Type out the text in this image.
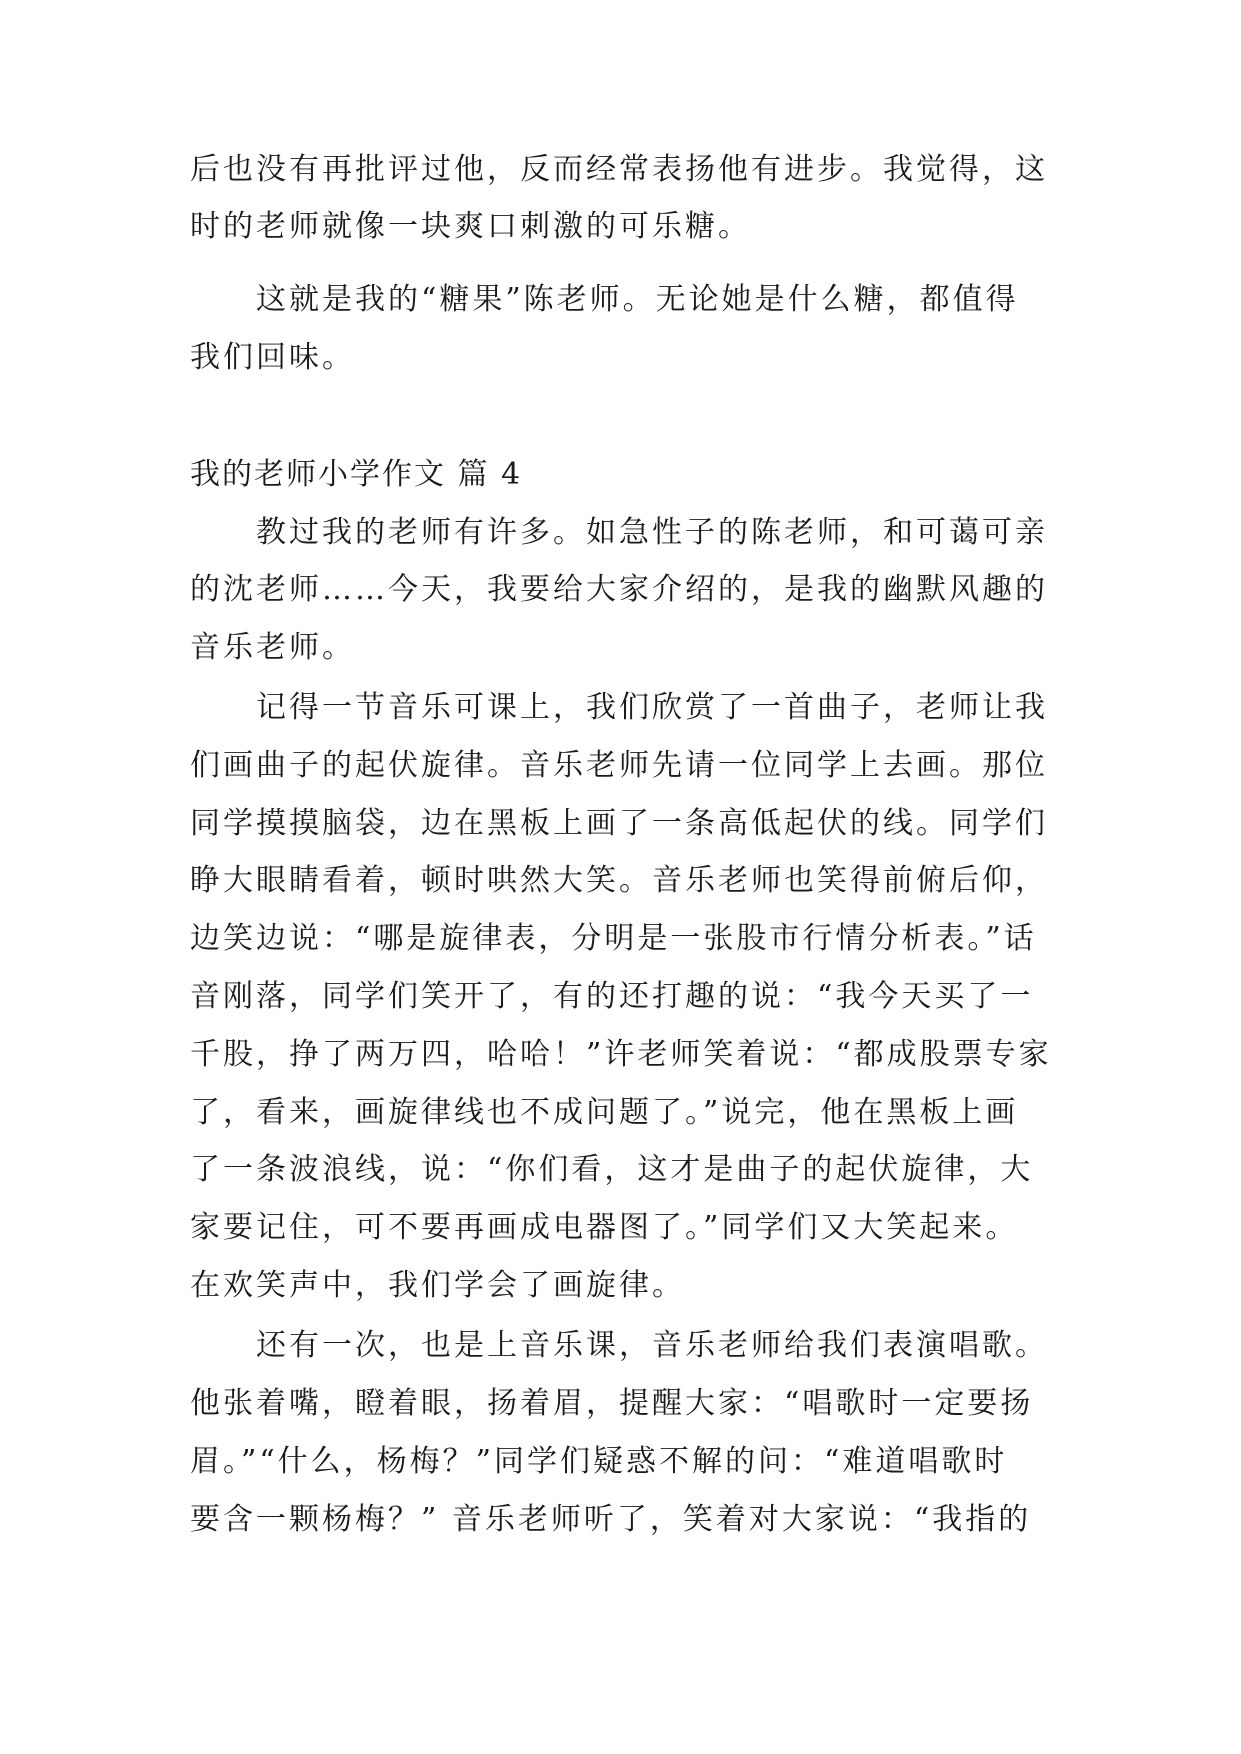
后也没有再批评过他，反而经常表扬他有进步。我觉得，这
时的老师就像一块爽口刺激的可乐糖。
这就是我的“糖果”陈老师。无论她是什么糖，都值得
我们回味。
我的老师小学作文 篇 4
教过我的老师有许多。如急性子的陈老师，和可蔼可亲
的沈老师……今天，我要给大家介绍的，是我的幽默风趣的
音乐老师。
记得一节音乐可课上，我们欣赏了一首曲子，老师让我
们画曲子的起伏旋律。音乐老师先请一位同学上去画。那位
同学摸摸脑袋，边在黑板上画了一条高低起伏的线。同学们
睁大眼睛看着，顿时哄然大笑。音乐老师也笑得前俯后仰，
边笑边说：“哪是旋律表，分明是一张股市行情分析表。”话
音刚落，同学们笑开了，有的还打趣的说：“我今天买了一
千股，挣了两万四，哈哈！”许老师笑着说：“都成股票专家
了，看来，画旋律线也不成问题了。”说完，他在黑板上画
了一条波浪线，说：“你们看，这才是曲子的起伏旋律，大
家要记住，可不要再画成电器图了。”同学们又大笑起来。
在欢笑声中，我们学会了画旋律。
还有一次，也是上音乐课，音乐老师给我们表演唱歌。
他张着嘴，瞪着眼，扬着眉，提醒大家：“唱歌时一定要扬
眉。”“什么，杨梅？”同学们疑惑不解的问：“难道唱歌时
要含一颗杨梅？” 音乐老师听了，笑着对大家说：“我指的
